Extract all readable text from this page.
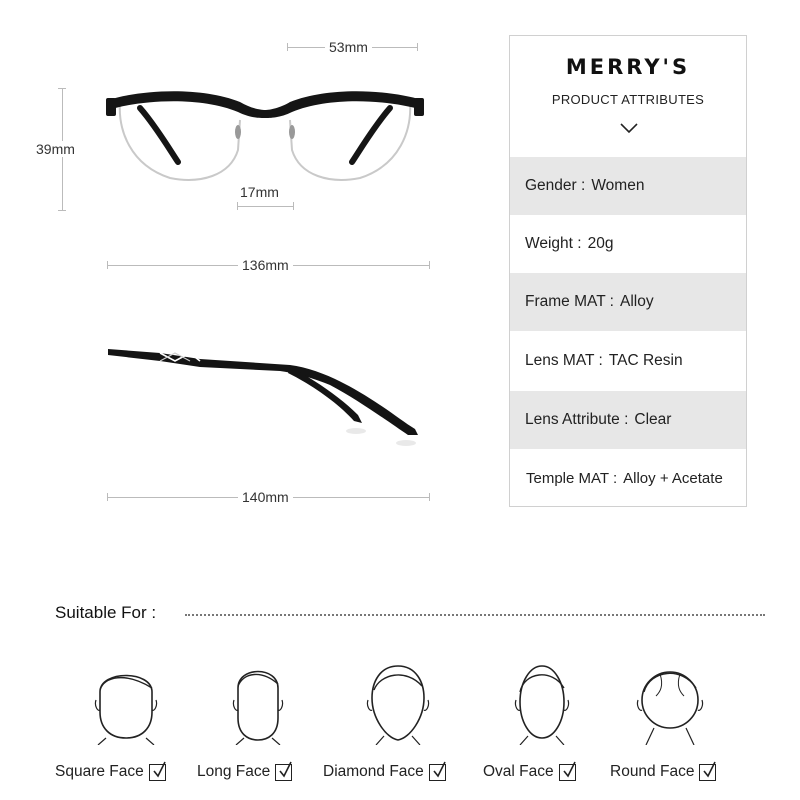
53mm
39mm
17mm
136mm
140mm
MERRY'S
PRODUCT ATTRIBUTES
Gender : Women
Weight : 20g
Frame MAT : Alloy
Lens MAT : TAC Resin
Lens Attribute : Clear
Temple MAT : Alloy + Acetate
Suitable For :
Square Face	Long Face	Diamond Face	Oval Face	Round Face
